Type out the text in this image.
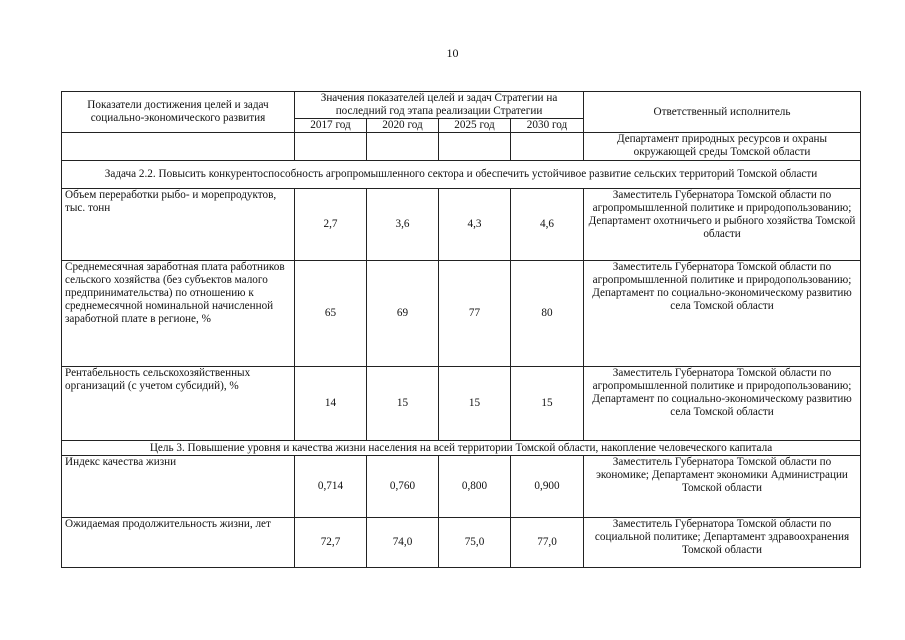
10
Показатели достижения целей и задач социально-экономического развития	Значения показателей целей и задач Стратегии на последний год этапа реализации Стратегии				Ответственный исполнитель
	2017 год	2020 год	2025 год	2030 год	
					Департамент природных ресурсов и охраны окружающей среды Томской области
Задача 2.2. Повысить конкурентоспособность агропромышленного сектора и обеспечить устойчивое развитие сельских территорий Томской области					
Объем переработки рыбо- и морепродуктов, тыс. тонн	2,7	3,6	4,3	4,6	Заместитель Губернатора Томской области по агропромышленной политике и природопользованию; Департамент охотничьего и рыбного хозяйства Томской области
Среднемесячная заработная плата работников сельского хозяйства (без субъектов малого предпринимательства) по отношению к среднемесячной номинальной начисленной заработной плате в регионе, %	65	69	77	80	Заместитель Губернатора Томской области по агропромышленной политике и природопользованию; Департамент по социально-экономическому развитию села Томской области
Рентабельность сельскохозяйственных организаций (с учетом субсидий), %	14	15	15	15	Заместитель Губернатора Томской области по агропромышленной политике и природопользованию; Департамент по социально-экономическому развитию села Томской области
Цель 3. Повышение уровня и качества жизни населения на всей территории Томской области, накопление человеческого капитала					
Индекс качества жизни	0,714	0,760	0,800	0,900	Заместитель Губернатора Томской области по экономике; Департамент экономики Администрации Томской области
Ожидаемая продолжительность жизни, лет	72,7	74,0	75,0	77,0	Заместитель Губернатора Томской области по социальной политике; Департамент здравоохранения Томской области
